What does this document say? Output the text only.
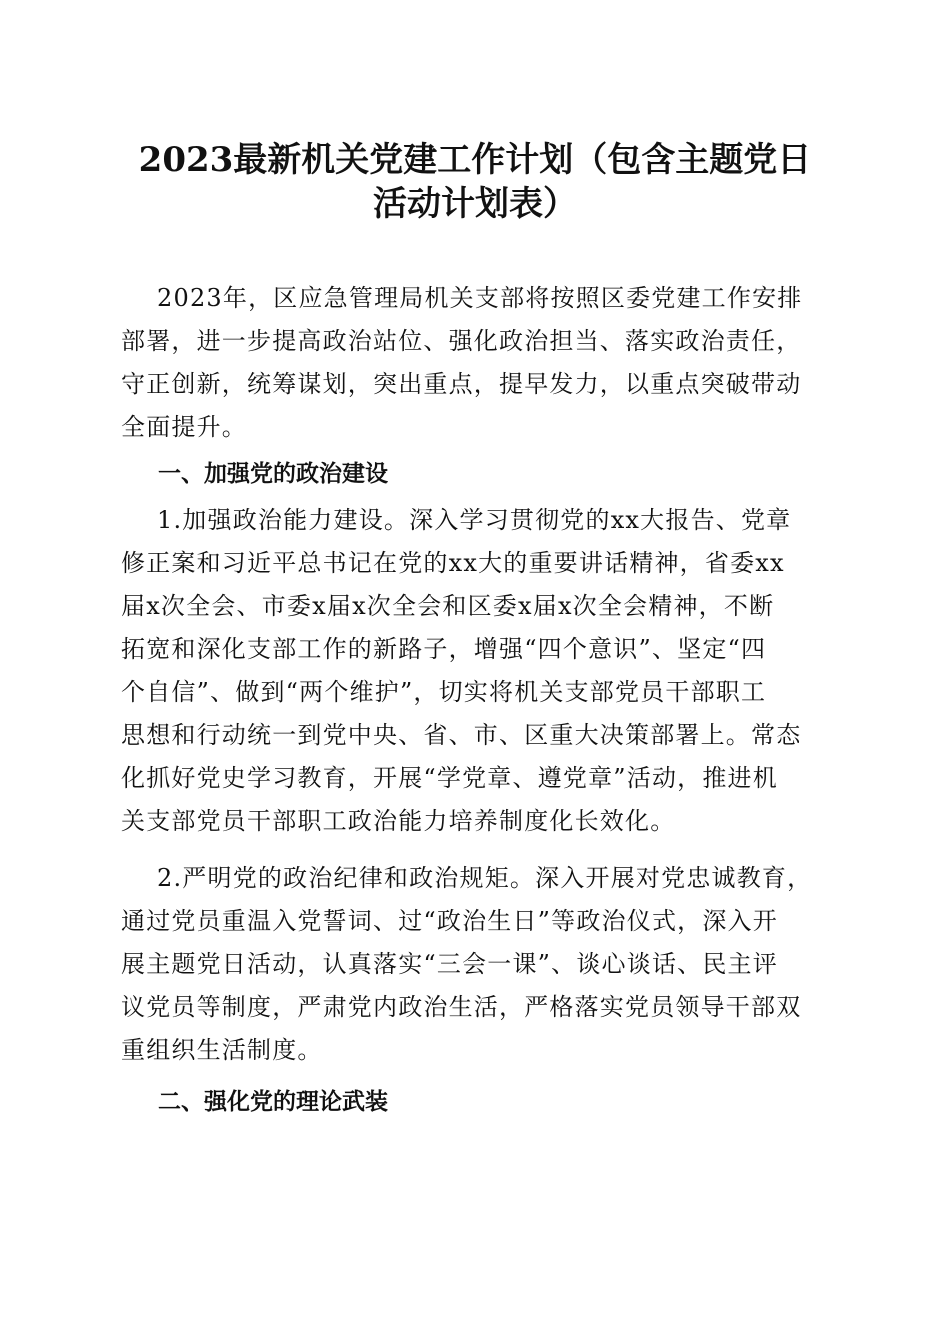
2023最新机关党建工作计划（包含主题党日
活动计划表）
2023年，区应急管理局机关支部将按照区委党建工作安排
部署，进一步提高政治站位、强化政治担当、落实政治责任，
守正创新，统筹谋划，突出重点，提早发力，以重点突破带动
全面提升。
一、加强党的政治建设
1.加强政治能力建设。深入学习贯彻党的xx大报告、党章
修正案和习近平总书记在党的xx大的重要讲话精神，省委xx
届x次全会、市委x届x次全会和区委x届x次全会精神，不断
拓宽和深化支部工作的新路子，增强“四个意识”、坚定“四
个自信”、做到“两个维护”，切实将机关支部党员干部职工
思想和行动统一到党中央、省、市、区重大决策部署上。常态
化抓好党史学习教育，开展“学党章、遵党章”活动，推进机
关支部党员干部职工政治能力培养制度化长效化。
2.严明党的政治纪律和政治规矩。深入开展对党忠诚教育，
通过党员重温入党誓词、过“政治生日”等政治仪式，深入开
展主题党日活动，认真落实“三会一课”、谈心谈话、民主评
议党员等制度，严肃党内政治生活，严格落实党员领导干部双
重组织生活制度。
二、强化党的理论武装
